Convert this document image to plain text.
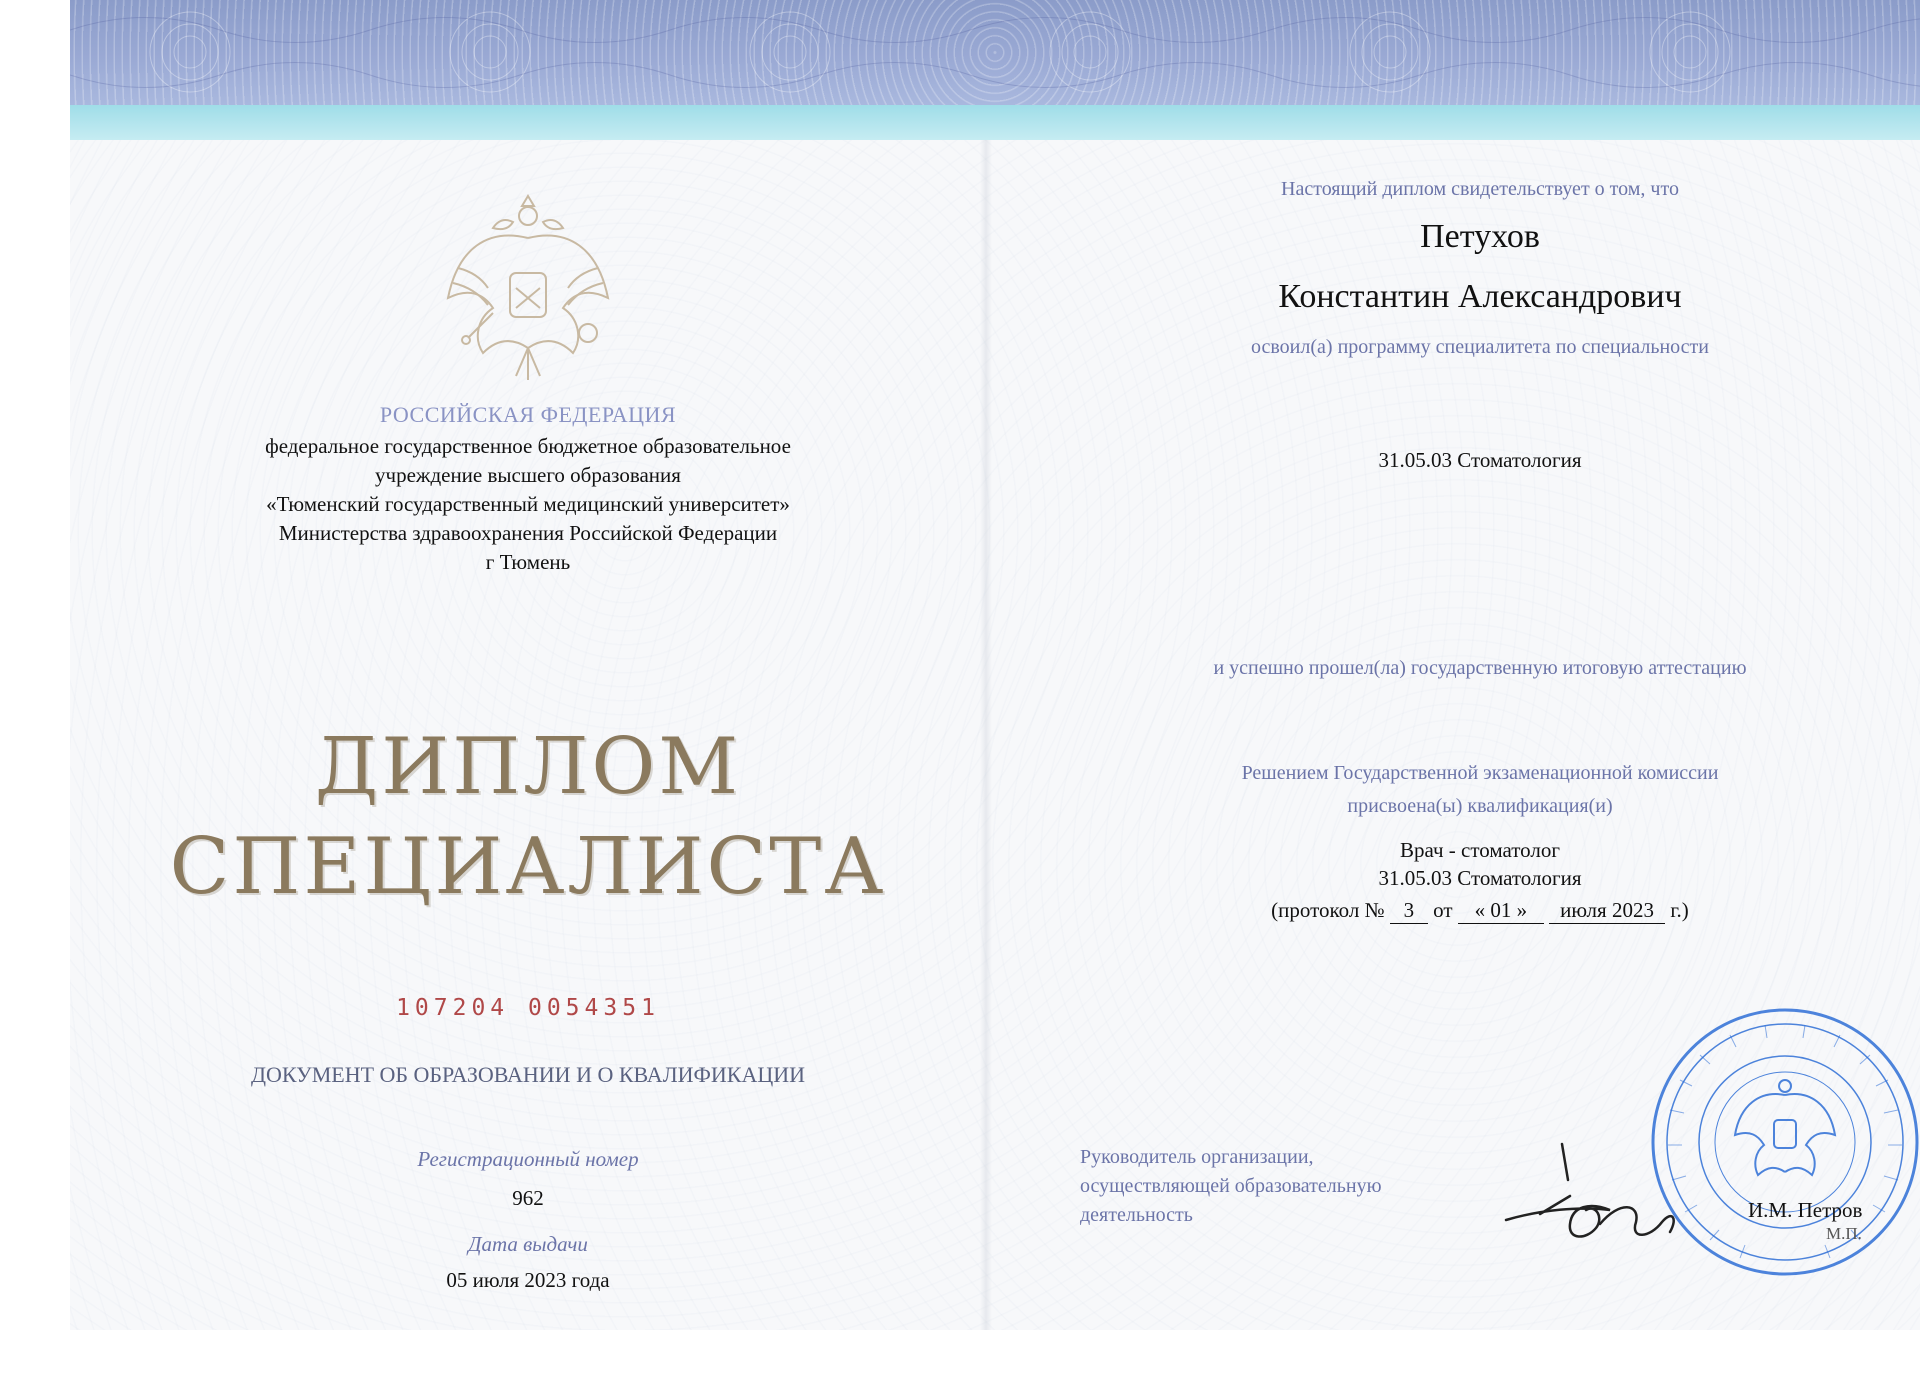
РОССИЙСКАЯ ФЕДЕРАЦИЯ
федеральное государственное бюджетное образовательное
учреждение высшего образования
«Тюменский государственный медицинский университет»
Министерства здравоохранения Российской Федерации
г Тюмень
ДИПЛОМ
СПЕЦИАЛИСТА
107204 0054351
ДОКУМЕНТ ОБ ОБРАЗОВАНИИ И О КВАЛИФИКАЦИИ
Регистрационный номер
962
Дата выдачи
05 июля 2023 года
Настоящий диплом свидетельствует о том, что
Петухов
Константин Александрович
освоил(а) программу специалитета по специальности
31.05.03 Стоматология
и успешно прошел(ла) государственную итоговую аттестацию
Решением Государственной экзаменационной комиссии
присвоена(ы) квалификация(и)
Врач - стоматолог
31.05.03 Стоматология
(протокол № 3 от « 01 » июля 2023 г.)
Руководитель организации,
осуществляющей образовательную
деятельность	И.М. Петров
М.П.
